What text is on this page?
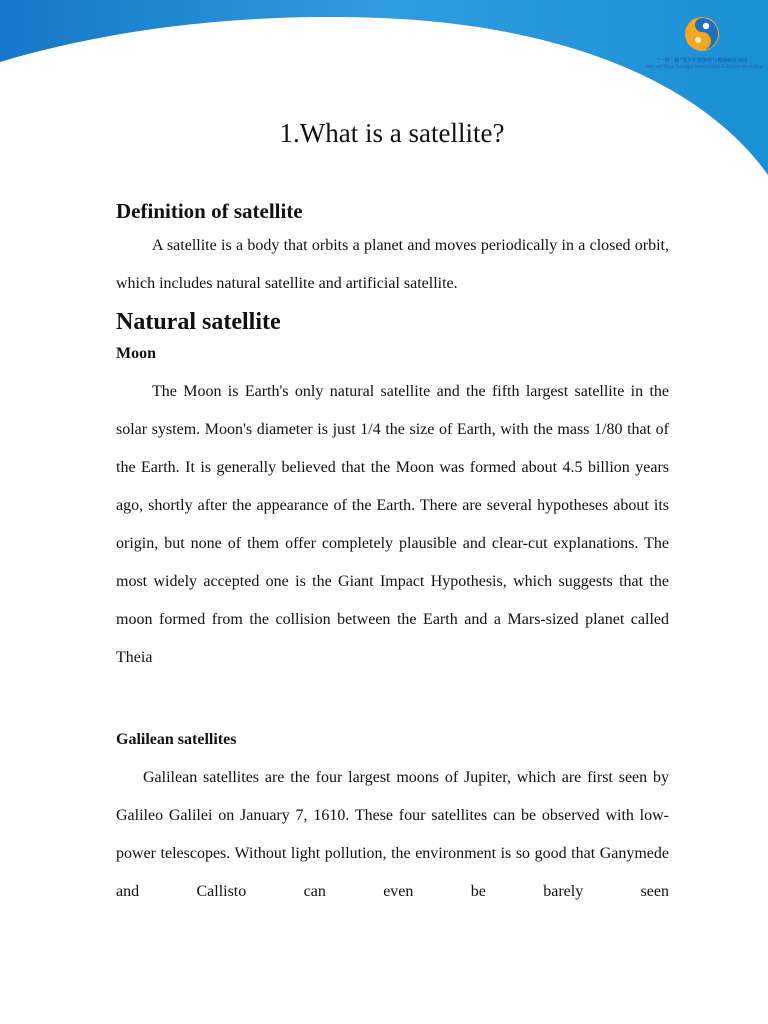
“一带一路”青少年创客营与教师研讨活动
Belt and Road Teenager Maker Camp & Teacher Workshop
1.What is a satellite?
Definition of satellite

A satellite is a body that orbits a planet and moves periodically in a closed orbit, which includes natural satellite and artificial satellite.

Natural satellite
Moon

The Moon is Earth's only natural satellite and the fifth largest satellite in the solar system. Moon's diameter is just 1/4 the size of Earth, with the mass 1/80 that of the Earth. It is generally believed that the Moon was formed about 4.5 billion years ago, shortly after the appearance of the Earth. There are several hypotheses about its origin, but none of them offer completely plausible and clear-cut explanations. The most widely accepted one is the Giant Impact Hypothesis, which suggests that the moon formed from the collision between the Earth and a Mars-sized planet called Theia

Galilean satellites

Galilean satellites are the four largest moons of Jupiter, which are first seen by Galileo Galilei on January 7, 1610. These four satellites can be observed with low-power telescopes. Without light pollution, the environment is so good that Ganymede and Callisto can even be barely seen
